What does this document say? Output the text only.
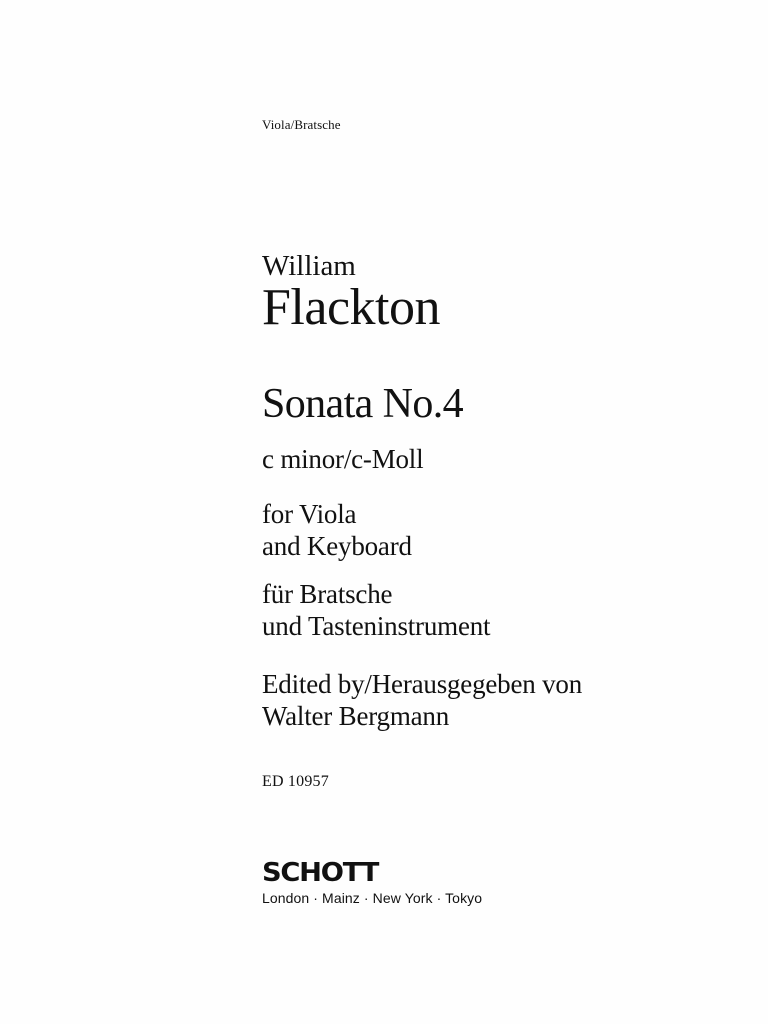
Viola/Bratsche
William
Flackton
Sonata No.4
c minor/c-Moll
for Viola
and Keyboard
für Bratsche
und Tasteninstrument
Edited by/Herausgegeben von
Walter Bergmann
ED 10957
SCHOTT
London · Mainz · New York · Tokyo
